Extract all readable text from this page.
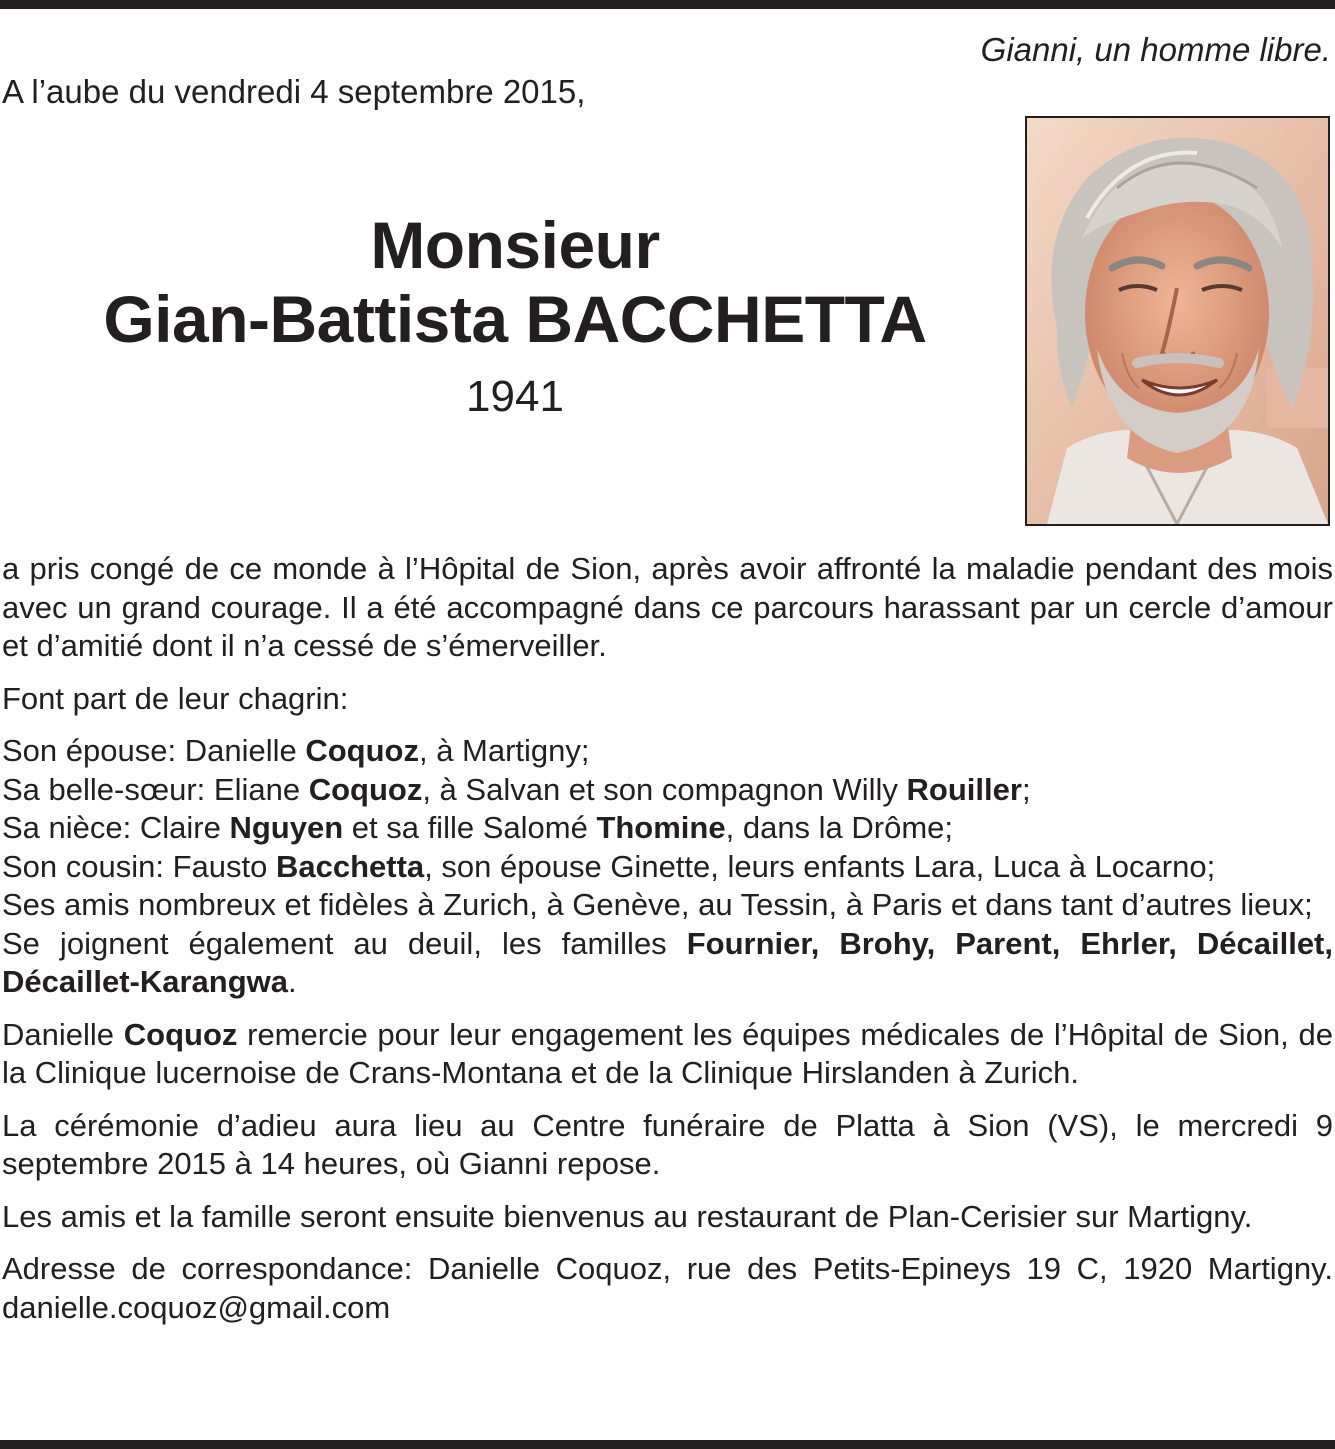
Gianni, un homme libre.
A l’aube du vendredi 4 septembre 2015,
Monsieur
Gian-Battista BACCHETTA
1941

a pris congé de ce monde à l’Hôpital de Sion, après avoir affronté la maladie pendant des mois avec un grand courage. Il a été accompagné dans ce parcours harassant par un cercle d’amour et d’amitié dont il n’a cessé de s’émerveiller.

Font part de leur chagrin:

Son épouse: Danielle Coquoz, à Martigny;

Sa belle-sœur: Eliane Coquoz, à Salvan et son compagnon Willy Rouiller;

Sa nièce: Claire Nguyen et sa fille Salomé Thomine, dans la Drôme;

Son cousin: Fausto Bacchetta, son épouse Ginette, leurs enfants Lara, Luca à Locarno;

Ses amis nombreux et fidèles à Zurich, à Genève, au Tessin, à Paris et dans tant d’autres lieux;

Se joignent également au deuil, les familles Fournier, Brohy, Parent, Ehrler, Décaillet, Décaillet-Karangwa.

Danielle Coquoz remercie pour leur engagement les équipes médicales de l’Hôpital de Sion, de la Clinique lucernoise de Crans-Montana et de la Clinique Hirslanden à Zurich.

La cérémonie d’adieu aura lieu au Centre funéraire de Platta à Sion (VS), le mercredi 9 septembre 2015 à 14 heures, où Gianni repose.

Les amis et la famille seront ensuite bienvenus au restaurant de Plan-Cerisier sur Martigny.

Adresse de correspondance: Danielle Coquoz, rue des Petits-Epineys 19 C, 1920 Martigny. danielle.coquoz@gmail.com
